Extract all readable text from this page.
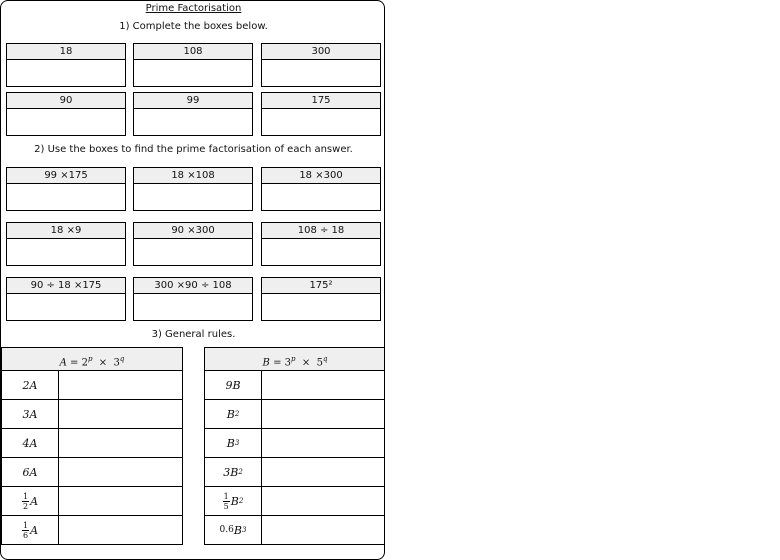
Prime Factorisation
1) Complete the boxes below.
18	108	300
90	99	175
2) Use the boxes to find the prime factorisation of each answer.
99 ×175	18 ×108	18 ×300
18 ×9	90 ×300	108 ÷ 18
90 ÷ 18 ×175	300 ×90 ÷ 108	175²
3) General rules.
$A = 2^p \times 3^q$
2 A
3 A
4 A
6 A
$\frac{1}{2}$ A
$\frac{1}{6}$ A
$B = 3^p \times 5^q$
9 B
B 2
B 3
3 B 2
$\frac{1}{5}$ B 2
0.6 B 3
